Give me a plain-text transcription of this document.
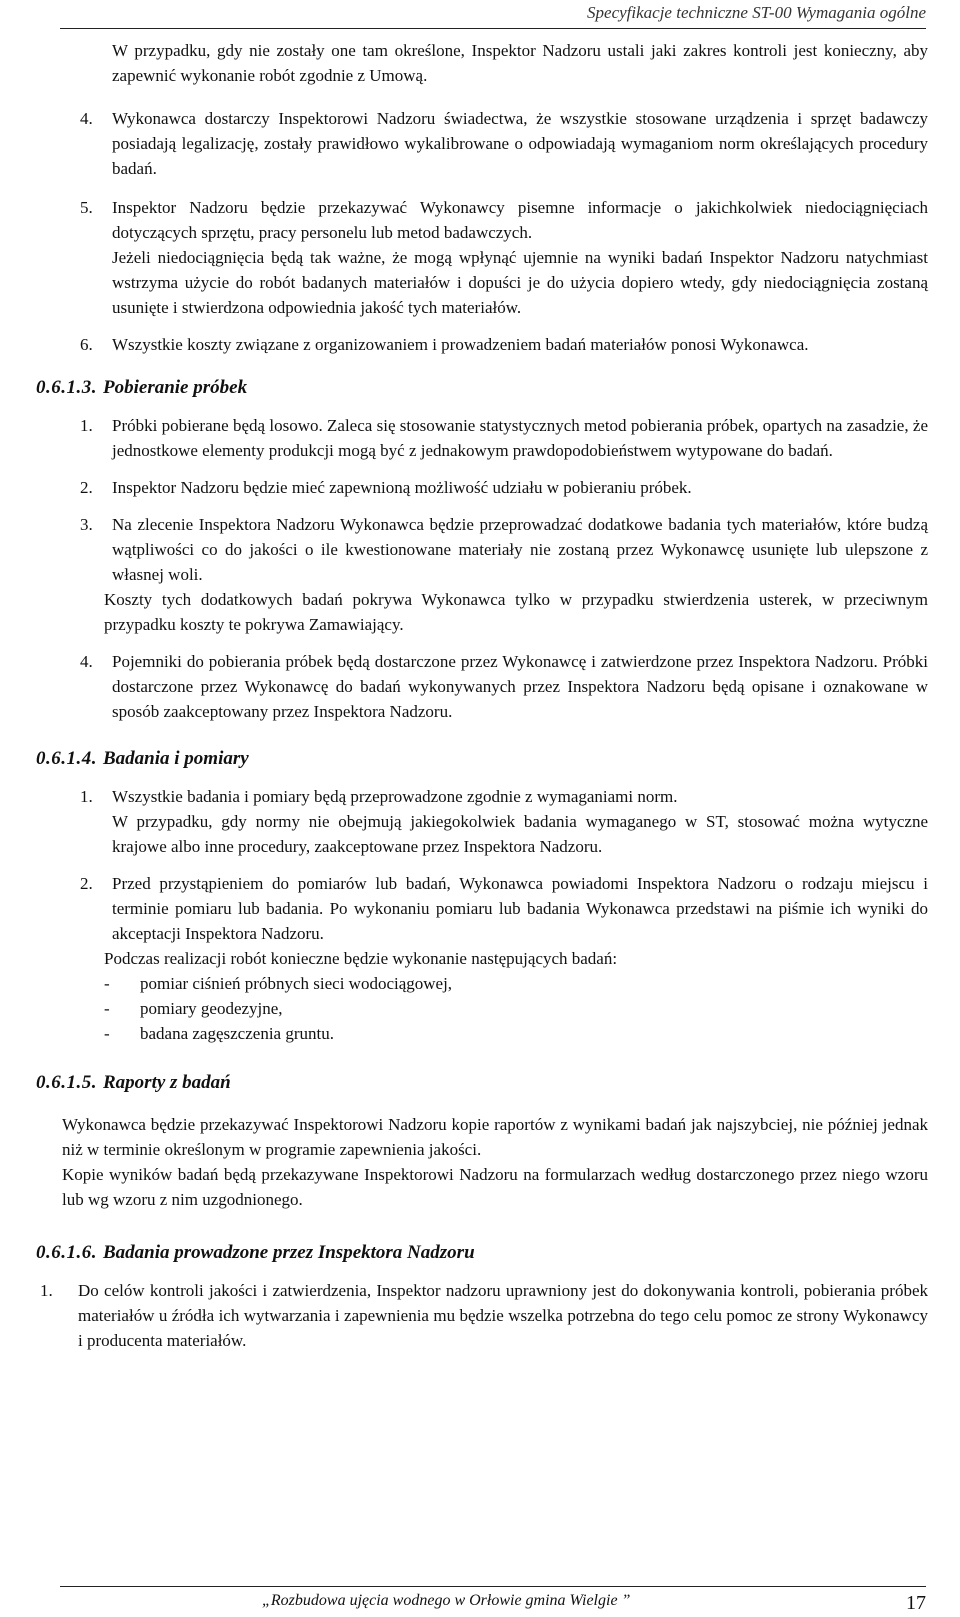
Specyfikacje techniczne ST-00 Wymagania ogólne

W przypadku, gdy nie zostały one tam określone, Inspektor Nadzoru ustali jaki zakres kontroli jest konieczny, aby zapewnić wykonanie robót zgodnie z Umową.

4. Wykonawca dostarczy Inspektorowi Nadzoru świadectwa, że wszystkie stosowane urządzenia i sprzęt badawczy posiadają legalizację, zostały prawidłowo wykalibrowane o odpowiadają wymaganiom norm określających procedury badań.

5. Inspektor Nadzoru będzie przekazywać Wykonawcy pisemne informacje o jakichkolwiek niedociągnięciach dotyczących sprzętu, pracy personelu lub metod badawczych.

Jeżeli niedociągnięcia będą tak ważne, że mogą wpłynąć ujemnie na wyniki badań Inspektor Nadzoru natychmiast wstrzyma użycie do robót badanych materiałów i dopuści je do użycia dopiero wtedy, gdy niedociągnięcia zostaną usunięte i stwierdzona odpowiednia jakość tych materiałów.

6. Wszystkie koszty związane z organizowaniem i prowadzeniem badań materiałów ponosi Wykonawca.

0.6.1.3. Pobieranie próbek
1. Próbki pobierane będą losowo. Zaleca się stosowanie statystycznych metod pobierania próbek, opartych na zasadzie, że jednostkowe elementy produkcji mogą być z jednakowym prawdopodobieństwem wytypowane do badań.

2. Inspektor Nadzoru będzie mieć zapewnioną możliwość udziału w pobieraniu próbek.

3. Na zlecenie Inspektora Nadzoru Wykonawca będzie przeprowadzać dodatkowe badania tych materiałów, które budzą wątpliwości co do jakości o ile kwestionowane materiały nie zostaną przez Wykonawcę usunięte lub ulepszone z własnej woli.

Koszty tych dodatkowych badań pokrywa Wykonawca tylko w przypadku stwierdzenia usterek, w przeciwnym przypadku koszty te pokrywa Zamawiający.

4. Pojemniki do pobierania próbek będą dostarczone przez Wykonawcę i zatwierdzone przez Inspektora Nadzoru. Próbki dostarczone przez Wykonawcę do badań wykonywanych przez Inspektora Nadzoru będą opisane i oznakowane w sposób zaakceptowany przez Inspektora Nadzoru.

0.6.1.4. Badania i pomiary
1. Wszystkie badania i pomiary będą przeprowadzone zgodnie z wymaganiami norm.

W przypadku, gdy normy nie obejmują jakiegokolwiek badania wymaganego w ST, stosować można wytyczne krajowe albo inne procedury, zaakceptowane przez Inspektora Nadzoru.

2. Przed przystąpieniem do pomiarów lub badań, Wykonawca powiadomi Inspektora Nadzoru o rodzaju miejscu i terminie pomiaru lub badania. Po wykonaniu pomiaru lub badania Wykonawca przedstawi na piśmie ich wyniki do akceptacji Inspektora Nadzoru.

Podczas realizacji robót konieczne będzie wykonanie następujących badań:

- pomiar ciśnień próbnych sieci wodociągowej,
- pomiary geodezyjne,
- badana zagęszczenia gruntu.
0.6.1.5. Raporty z badań

Wykonawca będzie przekazywać Inspektorowi Nadzoru kopie raportów z wynikami badań jak najszybciej, nie później jednak niż w terminie określonym w programie zapewnienia jakości.

Kopie wyników badań będą przekazywane Inspektorowi Nadzoru na formularzach według dostarczonego przez niego wzoru lub wg wzoru z nim uzgodnionego.

0.6.1.6. Badania prowadzone przez Inspektora Nadzoru
1. Do celów kontroli jakości i zatwierdzenia, Inspektor nadzoru uprawniony jest do dokonywania kontroli, pobierania próbek materiałów u źródła ich wytwarzania i zapewnienia mu będzie wszelka potrzebna do tego celu pomoc ze strony Wykonawcy i producenta materiałów.

„Rozbudowa ujęcia wodnego w Orłowie gmina Wielgie ”	17
